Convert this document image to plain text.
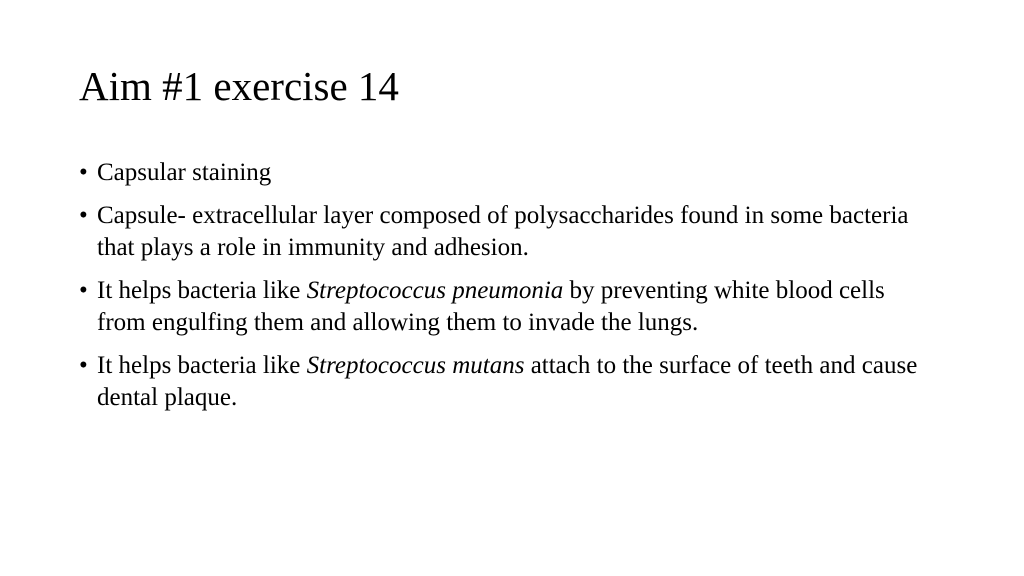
Aim #1 exercise 14
• Capsular staining
• Capsule- extracellular layer composed of polysaccharides found in some bacteria that plays a role in immunity and adhesion.
• It helps bacteria like Streptococcus pneumonia by preventing white blood cells from engulfing them and allowing them to invade the lungs.
• It helps bacteria like Streptococcus mutans attach to the surface of teeth and cause dental plaque.
